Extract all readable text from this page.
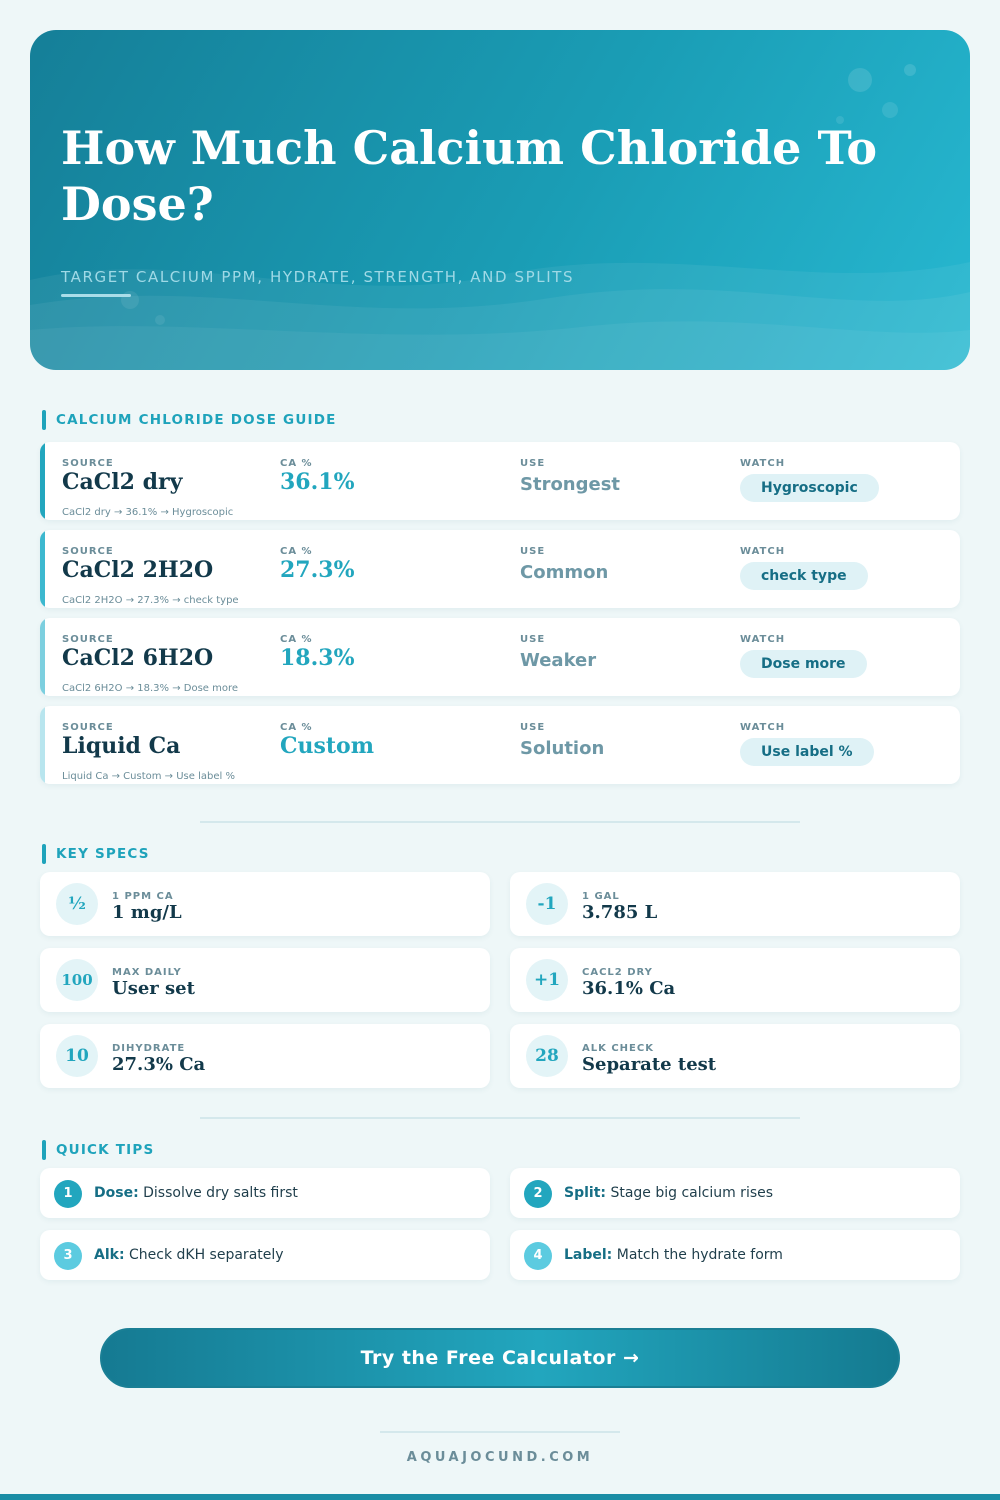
How Much Calcium Chloride To Dose?
TARGET CALCIUM PPM, HYDRATE, STRENGTH, AND SPLITS
CALCIUM CHLORIDE DOSE GUIDE
SOURCE	CA %	USE	WATCH
CaCl2 dry	36.1%	Strongest	Hygroscopic
CaCl2 dry → 36.1% → Hygroscopic
SOURCE	CA %	USE	WATCH
CaCl2 2H2O	27.3%	Common	check type
CaCl2 2H2O → 27.3% → check type
SOURCE	CA %	USE	WATCH
CaCl2 6H2O	18.3%	Weaker	Dose more
CaCl2 6H2O → 18.3% → Dose more
SOURCE	CA %	USE	WATCH
Liquid Ca	Custom	Solution	Use label %
Liquid Ca → Custom → Use label %
KEY SPECS
½	1 PPM CA
1 mg/L	-1	1 GAL
3.785 L
100	MAX DAILY
User set	+1	CACL2 DRY
36.1% Ca
10	DIHYDRATE
27.3% Ca	28	ALK CHECK
Separate test
QUICK TIPS
1	Dose: Dissolve dry salts first	2	Split: Stage big calcium rises
3	Alk: Check dKH separately	4	Label: Match the hydrate form
Try the Free Calculator →
AQUAJOCUND.COM
